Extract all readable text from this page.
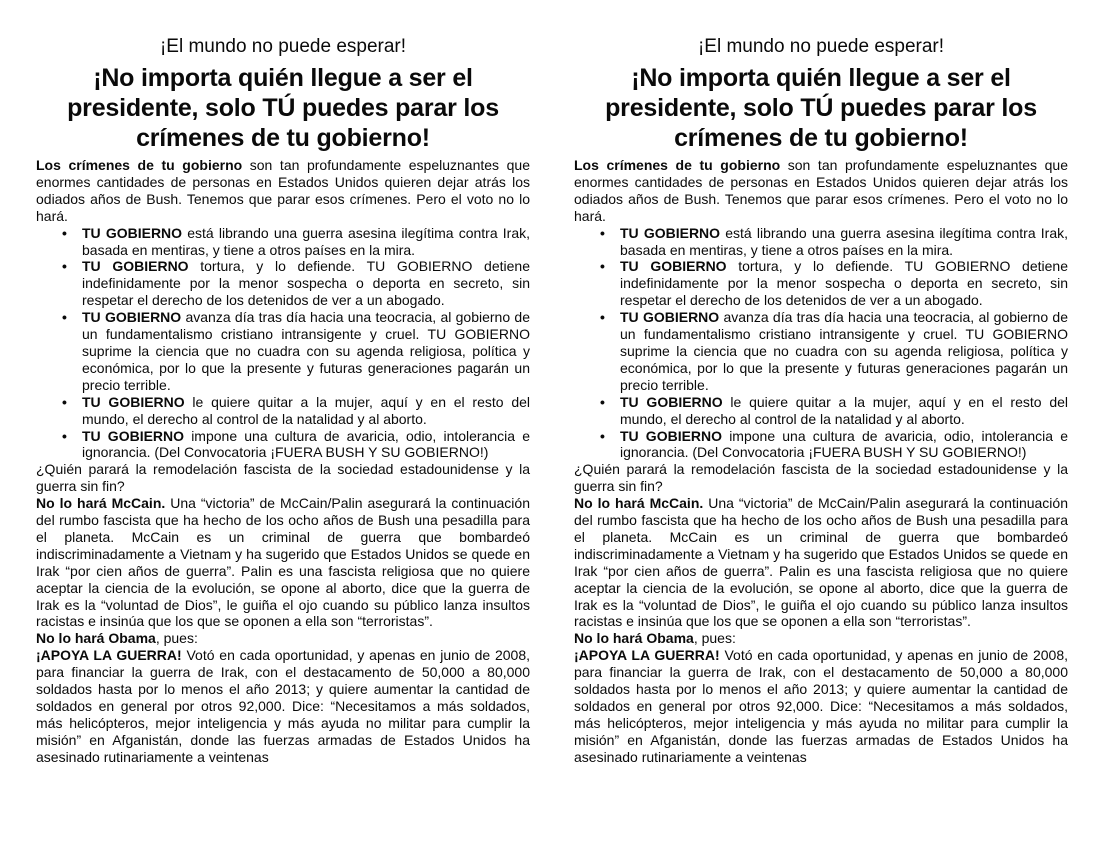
¡El mundo no puede esperar!

¡No importa quién llegue a ser el
presidente, solo TÚ puedes parar los
crímenes de tu gobierno!

Los crímenes de tu gobierno son tan profundamente espeluznantes que enormes cantidades de personas en Estados Unidos quieren dejar atrás los odiados años de Bush. Tenemos que parar esos crímenes. Pero el voto no lo hará.

• TU GOBIERNO está librando una guerra asesina ilegítima contra Irak, basada en mentiras, y tiene a otros países en la mira.
• TU GOBIERNO tortura, y lo defiende. TU GOBIERNO detiene indefinidamente por la menor sospecha o deporta en secreto, sin respetar el derecho de los detenidos de ver a un abogado.
• TU GOBIERNO avanza día tras día hacia una teocracia, al gobierno de un fundamentalismo cristiano intransigente y cruel. TU GOBIERNO suprime la ciencia que no cuadra con su agenda religiosa, política y económica, por lo que la presente y futuras generaciones pagarán un precio terrible.
• TU GOBIERNO le quiere quitar a la mujer, aquí y en el resto del mundo, el derecho al control de la natalidad y al aborto.
• TU GOBIERNO impone una cultura de avaricia, odio, intolerancia e ignorancia. (Del Convocatoria ¡FUERA BUSH Y SU GOBIERNO!)

¿Quién parará la remodelación fascista de la sociedad estadounidense y la guerra sin fin?

No lo hará McCain. Una “victoria” de McCain/Palin asegurará la continuación del rumbo fascista que ha hecho de los ocho años de Bush una pesadilla para el planeta. McCain es un criminal de guerra que bombardeó indiscriminadamente a Vietnam y ha sugerido que Estados Unidos se quede en Irak “por cien años de guerra”. Palin es una fascista religiosa que no quiere aceptar la ciencia de la evolución, se opone al aborto, dice que la guerra de Irak es la “voluntad de Dios”, le guiña el ojo cuando su público lanza insultos racistas e insinúa que los que se oponen a ella son “terroristas”.

No lo hará Obama, pues:

¡APOYA LA GUERRA! Votó en cada oportunidad, y apenas en junio de 2008, para financiar la guerra de Irak, con el destacamento de 50,000 a 80,000 soldados hasta por lo menos el año 2013; y quiere aumentar la cantidad de soldados en general por otros 92,000. Dice: “Necesitamos a más soldados, más helicópteros, mejor inteligencia y más ayuda no militar para cumplir la misión” en Afganistán, donde las fuerzas armadas de Estados Unidos ha asesinado rutinariamente a veintenas

¡El mundo no puede esperar!

¡No importa quién llegue a ser el
presidente, solo TÚ puedes parar los
crímenes de tu gobierno!

Los crímenes de tu gobierno son tan profundamente espeluznantes que enormes cantidades de personas en Estados Unidos quieren dejar atrás los odiados años de Bush. Tenemos que parar esos crímenes. Pero el voto no lo hará.

• TU GOBIERNO está librando una guerra asesina ilegítima contra Irak, basada en mentiras, y tiene a otros países en la mira.
• TU GOBIERNO tortura, y lo defiende. TU GOBIERNO detiene indefinidamente por la menor sospecha o deporta en secreto, sin respetar el derecho de los detenidos de ver a un abogado.
• TU GOBIERNO avanza día tras día hacia una teocracia, al gobierno de un fundamentalismo cristiano intransigente y cruel. TU GOBIERNO suprime la ciencia que no cuadra con su agenda religiosa, política y económica, por lo que la presente y futuras generaciones pagarán un precio terrible.
• TU GOBIERNO le quiere quitar a la mujer, aquí y en el resto del mundo, el derecho al control de la natalidad y al aborto.
• TU GOBIERNO impone una cultura de avaricia, odio, intolerancia e ignorancia. (Del Convocatoria ¡FUERA BUSH Y SU GOBIERNO!)

¿Quién parará la remodelación fascista de la sociedad estadounidense y la guerra sin fin?

No lo hará McCain. Una “victoria” de McCain/Palin asegurará la continuación del rumbo fascista que ha hecho de los ocho años de Bush una pesadilla para el planeta. McCain es un criminal de guerra que bombardeó indiscriminadamente a Vietnam y ha sugerido que Estados Unidos se quede en Irak “por cien años de guerra”. Palin es una fascista religiosa que no quiere aceptar la ciencia de la evolución, se opone al aborto, dice que la guerra de Irak es la “voluntad de Dios”, le guiña el ojo cuando su público lanza insultos racistas e insinúa que los que se oponen a ella son “terroristas”.

No lo hará Obama, pues:

¡APOYA LA GUERRA! Votó en cada oportunidad, y apenas en junio de 2008, para financiar la guerra de Irak, con el destacamento de 50,000 a 80,000 soldados hasta por lo menos el año 2013; y quiere aumentar la cantidad de soldados en general por otros 92,000. Dice: “Necesitamos a más soldados, más helicópteros, mejor inteligencia y más ayuda no militar para cumplir la misión” en Afganistán, donde las fuerzas armadas de Estados Unidos ha asesinado rutinariamente a veintenas
